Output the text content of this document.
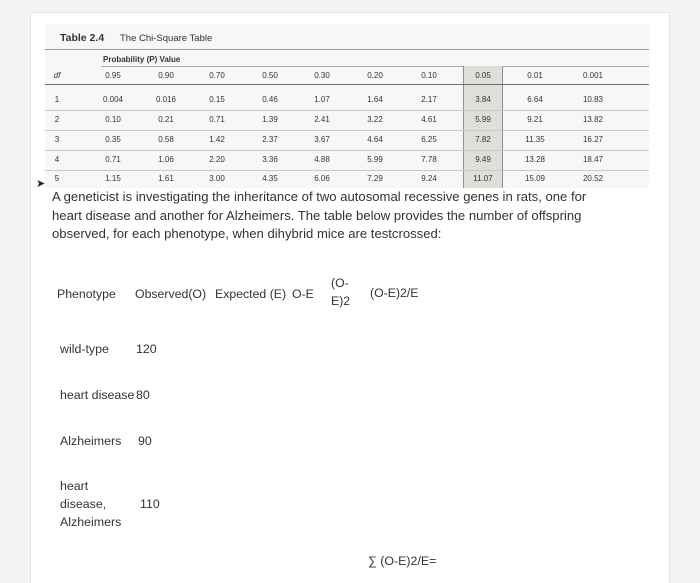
Table 2.4 The Chi-Square Table
Probability (P) Value
df	0.95	0.90	0.70	0.50	0.30	0.20	0.10	0.05	0.01	0.001
1	0.004	0.016	0.15	0.46	1.07	1.64	2.17	3.84	6.64	10.83
2	0.10	0.21	0.71	1.39	2.41	3.22	4.61	5.99	9.21	13.82
3	0.35	0.58	1.42	2.37	3.67	4.64	6.25	7.82	11.35	16.27
4	0.71	1.06	2.20	3.36	4.88	5.99	7.78	9.49	13.28	18.47
5	1.15	1.61	3.00	4.35	6.06	7.29	9.24	11.07	15.09	20.52
➤
A geneticist is investigating the inheritance of two autosomal recessive genes in rats, one for heart disease and another for Alzheimers. The table below provides the number of offspring observed, for each phenotype, when dihybrid mice are testcrossed:
Phenotype Observed(O) Expected (E) O-E
(O-
E)2
(O-E)2/E
wild-type 120
heart disease 80
Alzheimers 90
heart
disease,
Alzheimers
110
∑ (O-E)2/E=
